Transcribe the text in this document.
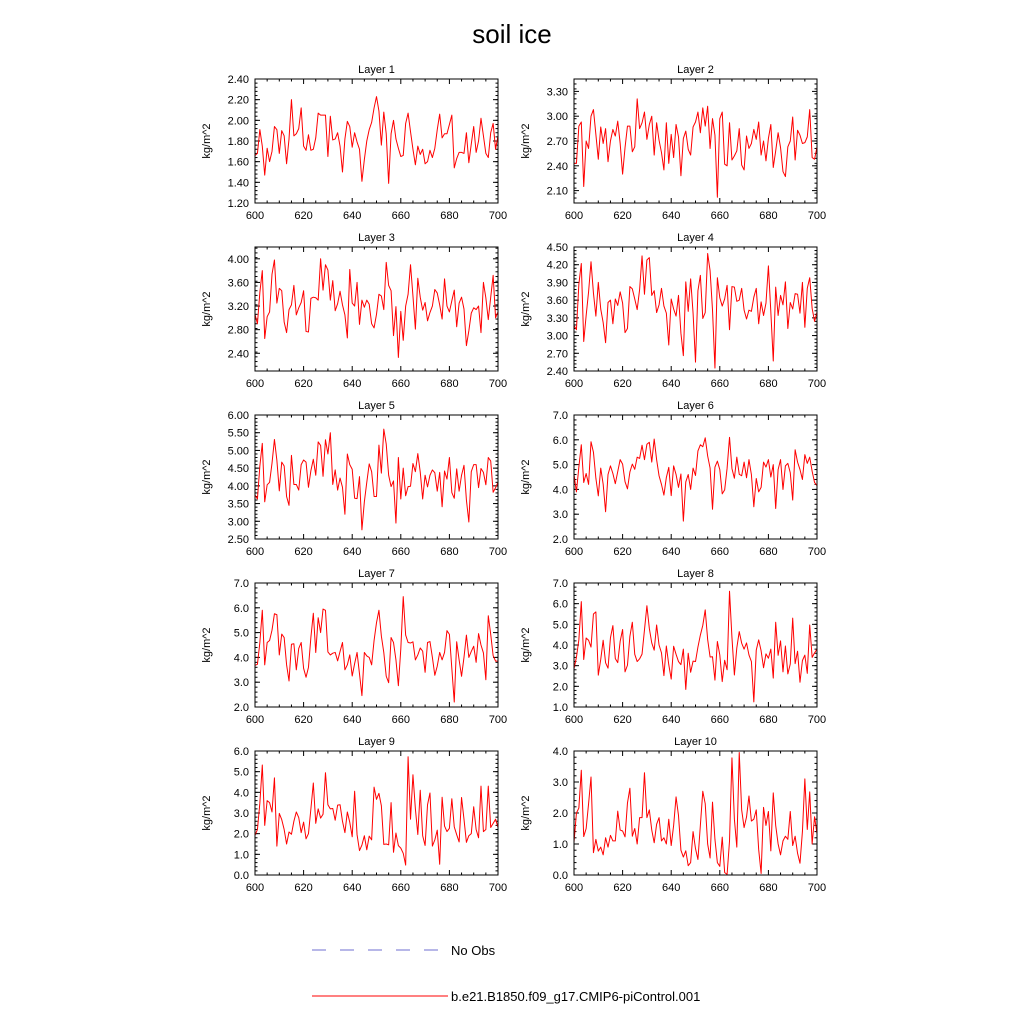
soil ice
Layer 1
kg/m^2
600	620	640	660	680	700
1.20
1.40
1.60
1.80
2.00
2.20
2.40
Layer 2
kg/m^2
600	620	640	660	680	700
2.10
2.40
2.70
3.00
3.30
Layer 3
kg/m^2
600	620	640	660	680	700
2.40
2.80
3.20
3.60
4.00
Layer 4
kg/m^2
600	620	640	660	680	700
2.40
2.70
3.00
3.30
3.60
3.90
4.20
4.50
Layer 5
kg/m^2
600	620	640	660	680	700
2.50
3.00
3.50
4.00
4.50
5.00
5.50
6.00
Layer 6
kg/m^2
600	620	640	660	680	700
2.0
3.0
4.0
5.0
6.0
7.0
Layer 7
kg/m^2
600	620	640	660	680	700
2.0
3.0
4.0
5.0
6.0
7.0
Layer 8
kg/m^2
600	620	640	660	680	700
1.0
2.0
3.0
4.0
5.0
6.0
7.0
Layer 9
kg/m^2
600	620	640	660	680	700
0.0
1.0
2.0
3.0
4.0
5.0
6.0
Layer 10
kg/m^2
600	620	640	660	680	700
0.0
1.0
2.0
3.0
4.0
No Obs
b.e21.B1850.f09_g17.CMIP6-piControl.001
